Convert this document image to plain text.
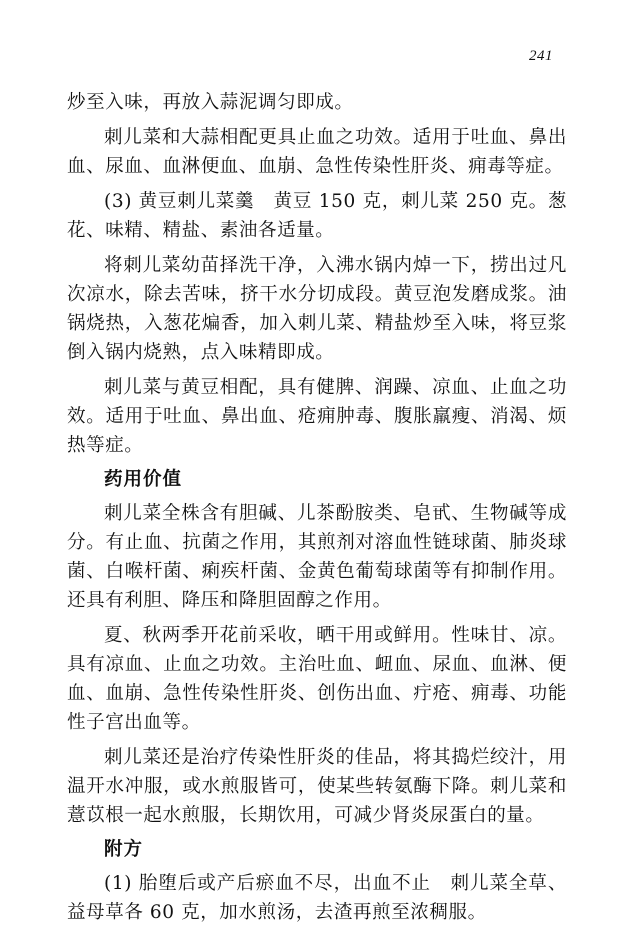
241

炒至入味，再放入蒜泥调匀即成。

刺儿菜和大蒜相配更具止血之功效。适用于吐血、鼻出血、尿血、血淋便血、血崩、急性传染性肝炎、痈毒等症。

(3) 黄豆刺儿菜羹　黄豆 150 克，刺儿菜 250 克。葱花、味精、精盐、素油各适量。

将刺儿菜幼苗择洗干净，入沸水锅内焯一下，捞出过凡次凉水，除去苦味，挤干水分切成段。黄豆泡发磨成浆。油锅烧热，入葱花煸香，加入刺儿菜、精盐炒至入味，将豆浆倒入锅内烧熟，点入味精即成。

刺儿菜与黄豆相配，具有健脾、润躁、凉血、止血之功效。适用于吐血、鼻出血、疮痈肿毒、腹胀羸瘦、消渴、烦热等症。

药用价值

刺儿菜全株含有胆碱、儿茶酚胺类、皂甙、生物碱等成分。有止血、抗菌之作用，其煎剂对溶血性链球菌、肺炎球菌、白喉杆菌、痢疾杆菌、金黄色葡萄球菌等有抑制作用。还具有利胆、降压和降胆固醇之作用。

夏、秋两季开花前采收，晒干用或鲜用。性味甘、凉。具有凉血、止血之功效。主治吐血、衄血、尿血、血淋、便血、血崩、急性传染性肝炎、创伤出血、疔疮、痈毒、功能性子宫出血等。

刺儿菜还是治疗传染性肝炎的佳品，将其捣烂绞汁，用温开水冲服，或水煎服皆可，使某些转氨酶下降。刺儿菜和薏苡根一起水煎服，长期饮用，可减少肾炎尿蛋白的量。

附方

(1) 胎堕后或产后瘀血不尽，出血不止　刺儿菜全草、益母草各 60 克，加水煎汤，去渣再煎至浓稠服。
